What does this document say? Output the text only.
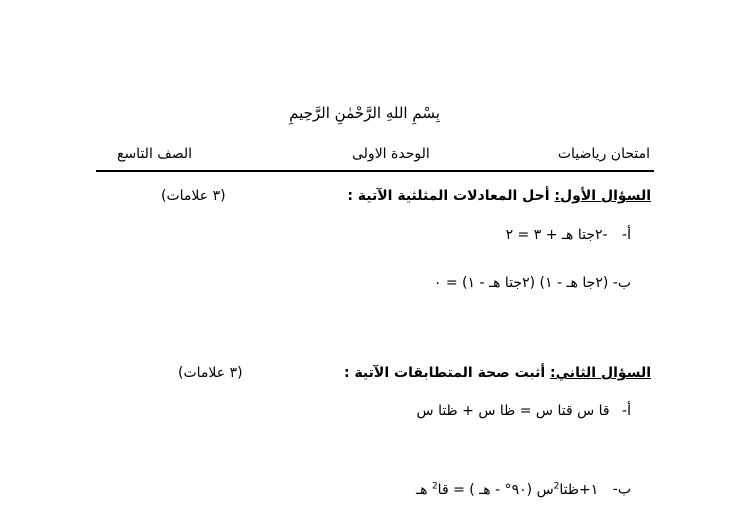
بِسْمِ اللهِ الرَّحْمٰنِ الرَّحِيمِ
امتحان رياضيات
الوحدة الاولى
الصف التاسع
السؤال الأول: أحل المعادلات المثلثية الآتية :
(٣ علامات)
أ- -٢جتا هـ + ٣ = ٢
ب- (٢جا هـ - ١) (٢جتا هـ - ١) = ٠
السؤال الثاني: أثبت صحة المتطابقات الآتية :
(٣ علامات)
أ- قا س قتا س = ظا س + ظتا س
ب- ١+ظتا$^2$س (٩٠° - هـ ) = قا$^2$ هـ
